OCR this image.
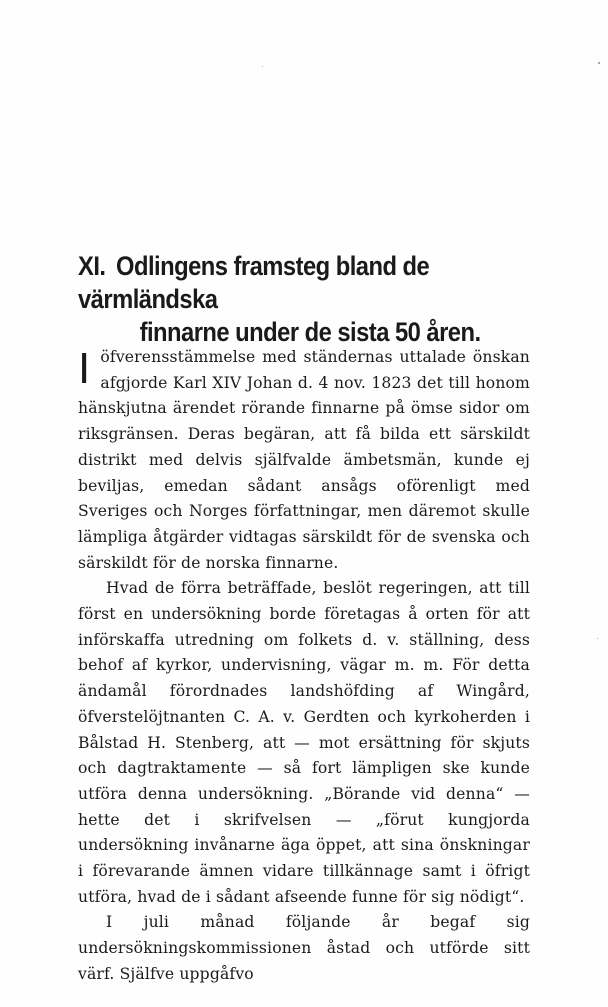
XI. Odlingens framsteg bland de värmländska
finnarne under de sista 50 åren.

Iöfverensstämmelse med ständernas uttalade önskan afgjorde Karl XIV Johan d. 4 nov. 1823 det till honom hänskjutna ärendet rörande finnarne på ömse sidor om riksgränsen. Deras begäran, att få bilda ett särskildt distrikt med delvis själfvalde ämbetsmän, kunde ej beviljas, emedan sådant ansågs oförenligt med Sveriges och Norges författningar, men däremot skulle lämpliga åtgärder vidtagas särskildt för de svenska och särskildt för de norska finnarne.

Hvad de förra beträffade, beslöt regeringen, att till först en undersökning borde företagas å orten för att införskaffa utredning om folkets d. v. ställning, dess behof af kyrkor, undervisning, vägar m. m. För detta ändamål förordnades landshöfding af Wingård, öfverstelöjtnanten C. A. v. Gerdten och kyrkoherden i Bålstad H. Stenberg, att — mot ersättning för skjuts och dagtraktamente — så fort lämpligen ske kunde utföra denna undersökning. „Börande vid denna“ — hette det i skrifvelsen — „förut kungjorda undersökning invånarne äga öppet, att sina önskningar i förevarande ämnen vidare tillkännage samt i öfrigt utföra, hvad de i sådant afseende funne för sig nödigt“.

I juli månad följande år begaf sig undersökningskommissionen åstad och utförde sitt värf. Själfve uppgåfvo
